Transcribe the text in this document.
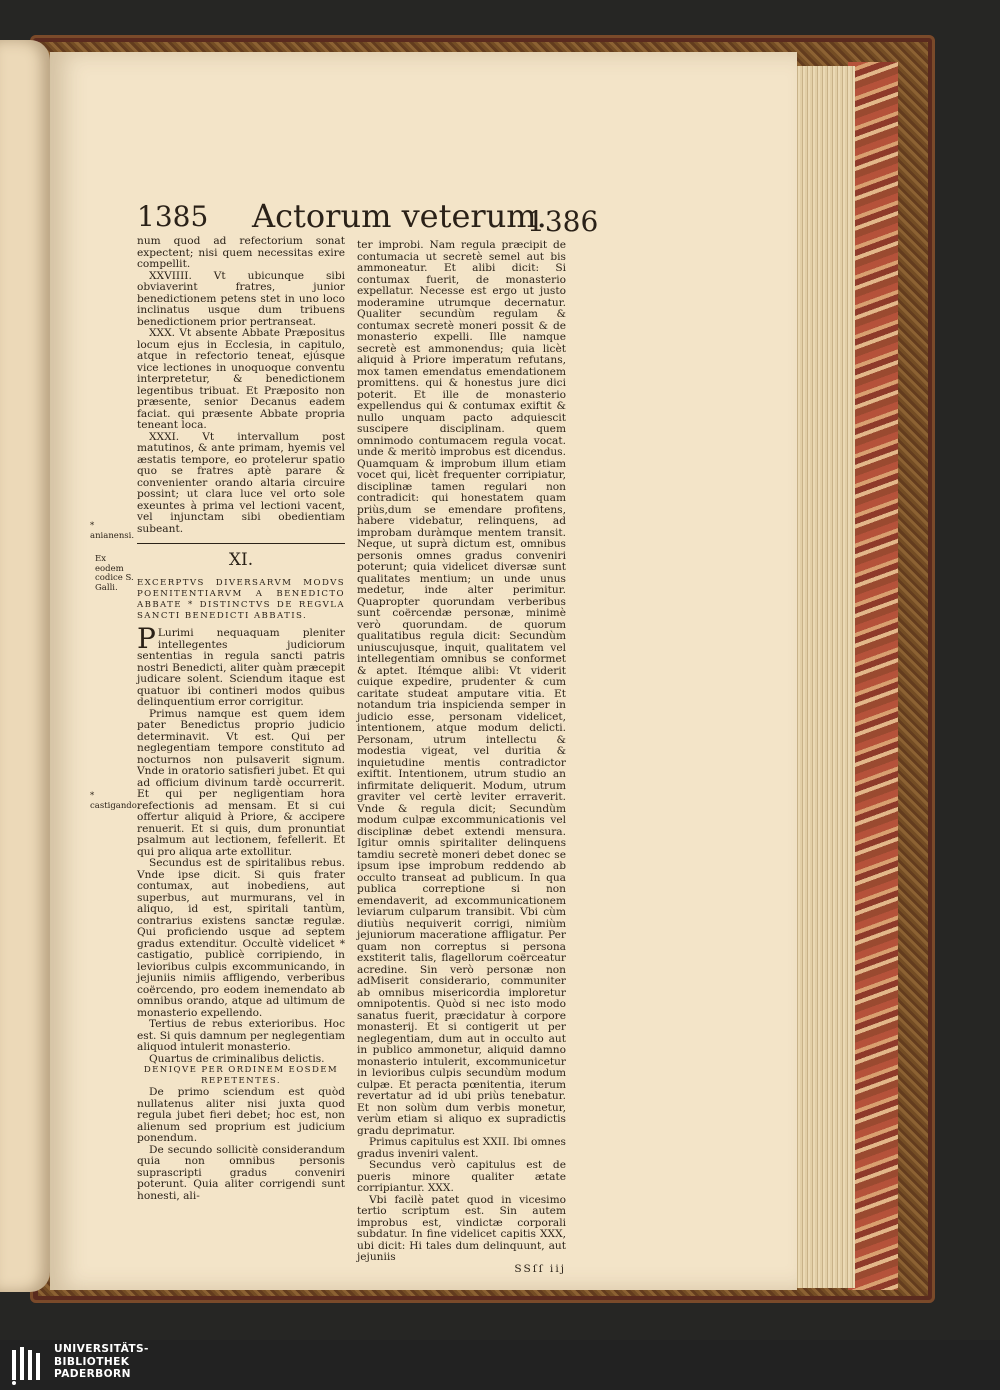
1385 Actorum veterum.
1386

num quod ad refectorium sonat expectent; nisi quem necessitas exire compellit.

XXVIIII. Vt ubicunque sibi obviaverint fratres, junior benedictionem petens stet in uno loco inclinatus usque dum tribuens benedictionem prior pertranseat.

XXX. Vt absente Abbate Præpositus locum ejus in Ecclesia, in capitulo, atque in refectorio teneat, ejúsque vice lectiones in unoquoque conventu interpretetur, & benedictionem legentibus tribuat. Et Præposito non præsente, senior Decanus eadem faciat. qui præsente Abbate propria teneant loca.

XXXI. Vt intervallum post matutinos, & ante primam, hyemis vel æstatis tempore, eo protelerur spatio quo se fratres aptè parare & convenienter orando altaria circuire possint; ut clara luce vel orto sole exeuntes à prima vel lectioni vacent, vel injunctam sibi obedientiam subeant.

XI.

EXCERPTVS DIVERSARVM MODVS POENITENTIARVM A BENEDICTO ABBATE * DISTINCTVS DE REGVLA SANCTI BENEDICTI ABBATIS.

P Lurimi nequaquam pleniter intellegentes judiciorum sententias in regula sancti patris nostri Benedicti, aliter quàm præcepit judicare solent. Sciendum itaque est quatuor ibi contineri modos quibus delinquentium error corrigitur.

Primus namque est quem idem pater Benedictus proprio judicio determinavit. Vt est. Qui per neglegentiam tempore constituto ad nocturnos non pulsaverit signum. Vnde in oratorio satisfieri jubet. Et qui ad officium divinum tardè occurrerit. Et qui per negligentiam hora refectionis ad mensam. Et si cui offertur aliquid à Priore, & accipere renuerit. Et si quis, dum pronuntiat psalmum aut lectionem, fefellerit. Et qui pro aliqua arte extollitur.

Secundus est de spiritalibus rebus. Vnde ipse dicit. Si quis frater contumax, aut inobediens, aut superbus, aut murmurans, vel in aliquo, id est, spiritali tantùm, contrarius existens sanctæ regulæ. Qui proficiendo usque ad septem gradus extenditur. Occultè videlicet * castigatio, publicè corripiendo, in levioribus culpis excommunicando, in jejuniis nimiis affligendo, verberibus coërcendo, pro eodem inemendato ab omnibus orando, atque ad ultimum de monasterio expellendo.

Tertius de rebus exterioribus. Hoc est. Si quis damnum per neglegentiam aliquod intulerit monasterio.

Quartus de criminalibus delictis.

DENIQVE PER ORDINEM EOSDEM REPETENTES.

De primo sciendum est quòd nullatenus aliter nisi juxta quod regula jubet fieri debet; hoc est, non alienum sed proprium est judicium ponendum.

De secundo sollicitè considerandum quia non omnibus personis suprascripti gradus conveniri poterunt. Quia aliter corrigendi sunt honesti, ali-

* anianensi.
Ex eodem codice S. Galli.
* castigando.

ter improbi. Nam regula præcipit de contumacia ut secretè semel aut bis ammoneatur. Et alibi dicit: Si contumax fuerit, de monasterio expellatur. Necesse est ergo ut justo moderamine utrumque decernatur. Qualiter secundùm regulam & contumax secretè moneri possit & de monasterio expelli. Ille namque secretè est ammonendus; quia licèt aliquid à Priore imperatum refutans, mox tamen emendatus emendationem promittens. qui & honestus jure dici poterit. Et ille de monasterio expellendus qui & contumax exiftit & nullo unquam pacto adquiescit suscipere disciplinam. quem omnimodo contumacem regula vocat. unde & meritò improbus est dicendus. Quamquam & improbum illum etiam vocet qui, licèt frequenter corripiatur, disciplinæ tamen regulari non contradicit: qui honestatem quam priùs,dum se emendare profitens, habere videbatur, relinquens, ad improbam duràmque mentem transit. Neque, ut suprà dictum est, omnibus personis omnes gradus conveniri poterunt; quia videlicet diversæ sunt qualitates mentium; un unde unus medetur, inde alter perimitur. Quapropter quorundam verberibus sunt coërcendæ personæ, minimè verò quorundam. de quorum qualitatibus regula dicit: Secundùm uniuscujusque, inquit, qualitatem vel intellegentiam omnibus se conformet & aptet. Itémque alibi: Vt viderit cuique expedire, prudenter & cum caritate studeat amputare vitia. Et notandum tria inspicienda semper in judicio esse, personam videlicet, intentionem, atque modum delicti. Personam, utrum intellectu & modestia vigeat, vel duritia & inquietudine mentis contradictor exiftit. Intentionem, utrum studio an infirmitate deliquerit. Modum, utrum graviter vel certè leviter erraverit. Vnde & regula dicit; Secundùm modum culpæ excommunicationis vel disciplinæ debet extendi mensura. Igitur omnis spiritaliter delinquens tamdiu secretè moneri debet donec se ipsum ipse improbum reddendo ab occulto transeat ad publicum. In qua publica correptione si non emendaverit, ad excommunicationem leviarum culparum transibit. Vbi cùm diutiùs nequiverit corrigi, nimiùm jejuniorum maceratione affligatur. Per quam non correptus si persona exstiterit talis, flagellorum coërceatur acredine. Sin verò personæ non adMiserit considerario, communiter ab omnibus misericordia imploretur omnipotentis. Quòd si nec isto modo sanatus fuerit, præcidatur à corpore monasterij. Et si contigerit ut per neglegentiam, dum aut in occulto aut in publico ammonetur, aliquid damno monasterio intulerit, excommunicetur in levioribus culpis secundùm modum culpæ. Et peracta pœnitentia, iterum revertatur ad id ubi priùs tenebatur. Et non solùm dum verbis monetur, verùm etiam si aliquo ex supradictis gradu deprimatur.

Primus capitulus est XXII. Ibi omnes gradus inveniri valent.

Secundus verò capitulus est de pueris minore qualiter ætate corripiantur. XXX.

Vbi facilè patet quod in vicesimo tertio scriptum est. Sin autem improbus est, vindictæ corporali subdatur. In fine videlicet capitis XXX, ubi dicit: Hi tales dum delinquunt, aut jejuniis

SSſſ iij

UNIVERSITÄTS-
BIBLIOTHEK
PADERBORN
